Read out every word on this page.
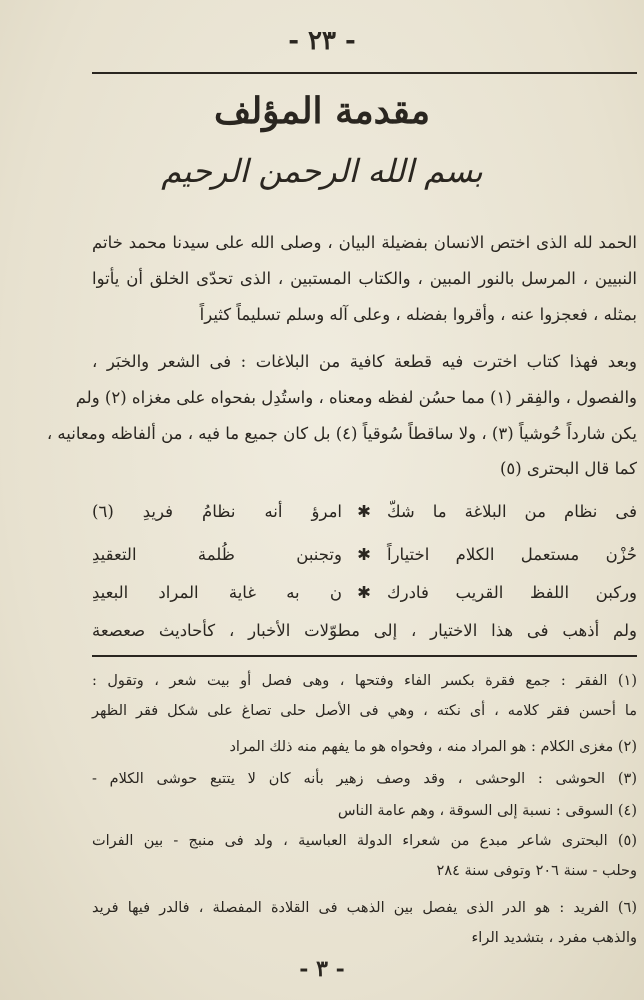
- ٢٣ -
مقدمة المؤلف
بسم الله الرحمن الرحيم
الحمد لله الذى اختص الانسان بفضيلة البيان ، وصلى الله على سيدنا محمد خاتم
النبيين ، المرسل بالنور المبين ، والكتاب المستبين ، الذى تحدّى الخلق أن يأتوا
بمثله ، فعجزوا عنه ، وأقروا بفضله ، وعلى آله وسلم تسليماً كثيراً
وبعد فهذا كتاب اخترت فيه قطعة كافية من البلاغات : فى الشعر والخبَر ،
والفصول ، والفِقر (١) مما حسُن لفظه ومعناه ، واستُدِل بفحواه على مغزاه (٢) ولم
يكن شارداً حُوشياً (٣) ، ولا ساقطاً سُوقياً (٤) بل كان جميع ما فيه ، من ألفاظه ومعانيه ،
كما قال البحترى (٥)
فى نظام من البلاغة ما شكّ
✱
امرؤ أنه نظامُ فريدِ (٦)
حُزْن مستعمل الكلام اختياراً
✱
وتجنبن ظُلمة التعقيدِ
وركبن اللفظ القريب فادرك
✱
ن به غاية المراد البعيدِ
ولم أذهب فى هذا الاختيار ، إلى مطوّلات الأخبار ، كأحاديث صعصعة
(١) الفقر : جمع فقرة بكسر الفاء وفتحها ، وهى فصل أو بيت شعر ، وتقول :
ما أحسن فقر كلامه ، أى نكته ، وهي فى الأصل حلى تصاغ على شكل فقر الظهر
(٢) مغزى الكلام : هو المراد منه ، وفحواه هو ما يفهم منه ذلك المراد
(٣) الحوشى : الوحشى ، وقد وصف زهير بأنه كان لا يتتبع حوشى الكلام -
(٤) السوقى : نسبة إلى السوقة ، وهم عامة الناس
(٥) البحترى شاعر مبدع من شعراء الدولة العباسية ، ولد فى منبج - بين الفرات
وحلب - سنة ٢٠٦ وتوفى سنة ٢٨٤
(٦) الفريد : هو الدر الذى يفصل بين الذهب فى القلادة المفصلة ، فالدر فيها فريد
والذهب مفرد ، بتشديد الراء
- ٣ -
